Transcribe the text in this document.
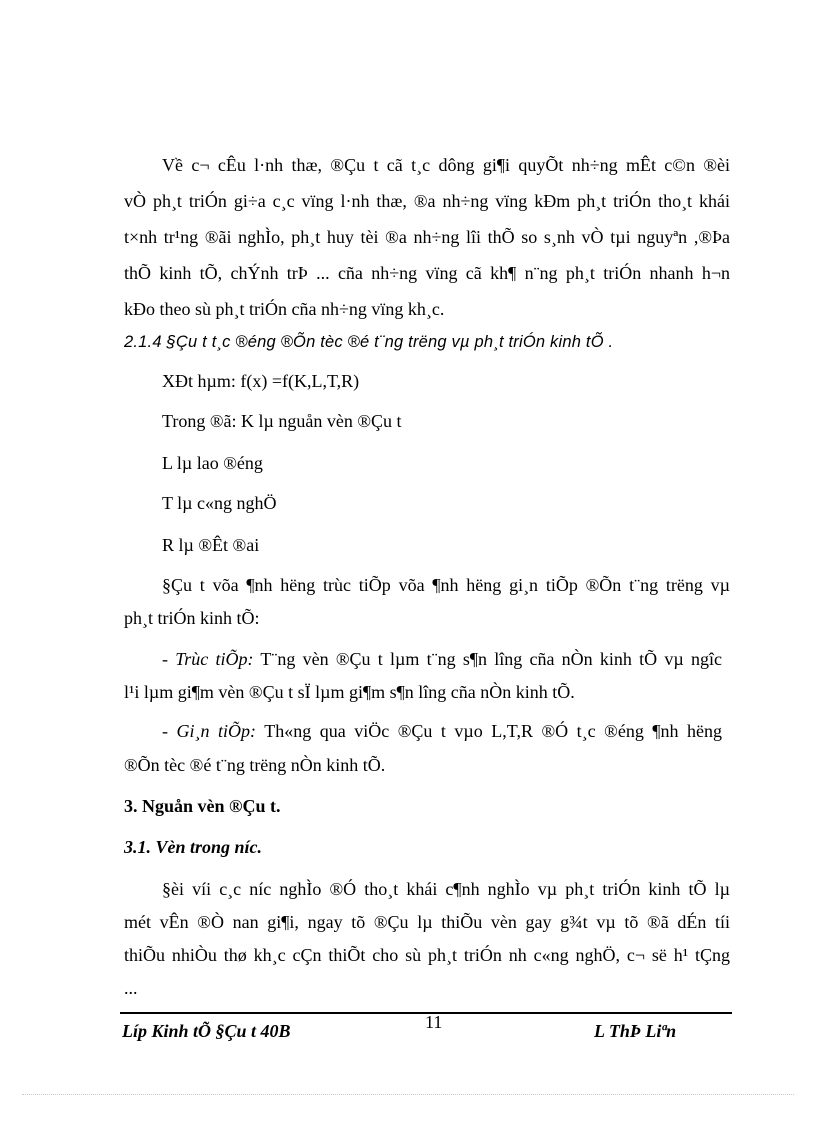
Về c¬ cÊu l·nh thæ, ®Çu t cã t¸c dông gi¶i quyÕt nh÷ng mÊt c©n ®èi
vÒ ph¸t triÓn gi÷a c¸c vïng l·nh thæ, ®a nh÷ng vïng kÐm ph¸t triÓn tho¸t khái
t×nh tr¹ng ®ãi nghÌo, ph¸t huy tèi ®a nh÷ng lîi thÕ so s¸nh vÒ tµi nguyªn ,®Þa
thÕ kinh tÕ, chÝnh trÞ ... cña nh÷ng vïng cã kh¶ n¨ng ph¸t triÓn nhanh h¬n
kÐo theo sù ph¸t triÓn cña nh÷ng vïng kh¸c.
2.1.4 §Çu t t¸c ®éng ®Õn tèc ®é t¨ng trëng vµ ph¸t triÓn kinh tÕ .
XÐt hµm: f(x) =f(K,L,T,R)
Trong ®ã: K lµ nguån vèn ®Çu t
L lµ lao ®éng
T lµ c«ng nghÖ
R lµ ®Êt ®ai
§Çu t võa ¶nh hëng trùc tiÕp võa ¶nh hëng gi¸n tiÕp ®Õn t¨ng trëng vµ
ph¸t triÓn kinh tÕ:
- Trùc tiÕp: T¨ng vèn ®Çu t lµm t¨ng s¶n lîng cña nÒn kinh tÕ vµ ngîc
l¹i lµm gi¶m vèn ®Çu t sÏ lµm gi¶m s¶n lîng cña nÒn kinh tÕ.
- Gi¸n tiÕp: Th«ng qua viÖc ®Çu t vµo L,T,R ®Ó t¸c ®éng ¶nh hëng
®Õn tèc ®é t¨ng trëng nÒn kinh tÕ.
3. Nguån vèn ®Çu t.
3.1. Vèn trong níc.
§èi víi c¸c níc nghÌo ®Ó tho¸t khái c¶nh nghÌo vµ ph¸t triÓn kinh tÕ lµ
mét vÊn ®Ò nan gi¶i, ngay tõ ®Çu lµ thiÕu vèn gay g¾t vµ tõ ®ã dÉn tíi
thiÕu nhiÒu thø kh¸c cÇn thiÕt cho sù ph¸t triÓn nh c«ng nghÖ, c¬ së h¹ tÇng
...
Líp Kinh tÕ §Çu t 40B	11	L ThÞ Liªn
